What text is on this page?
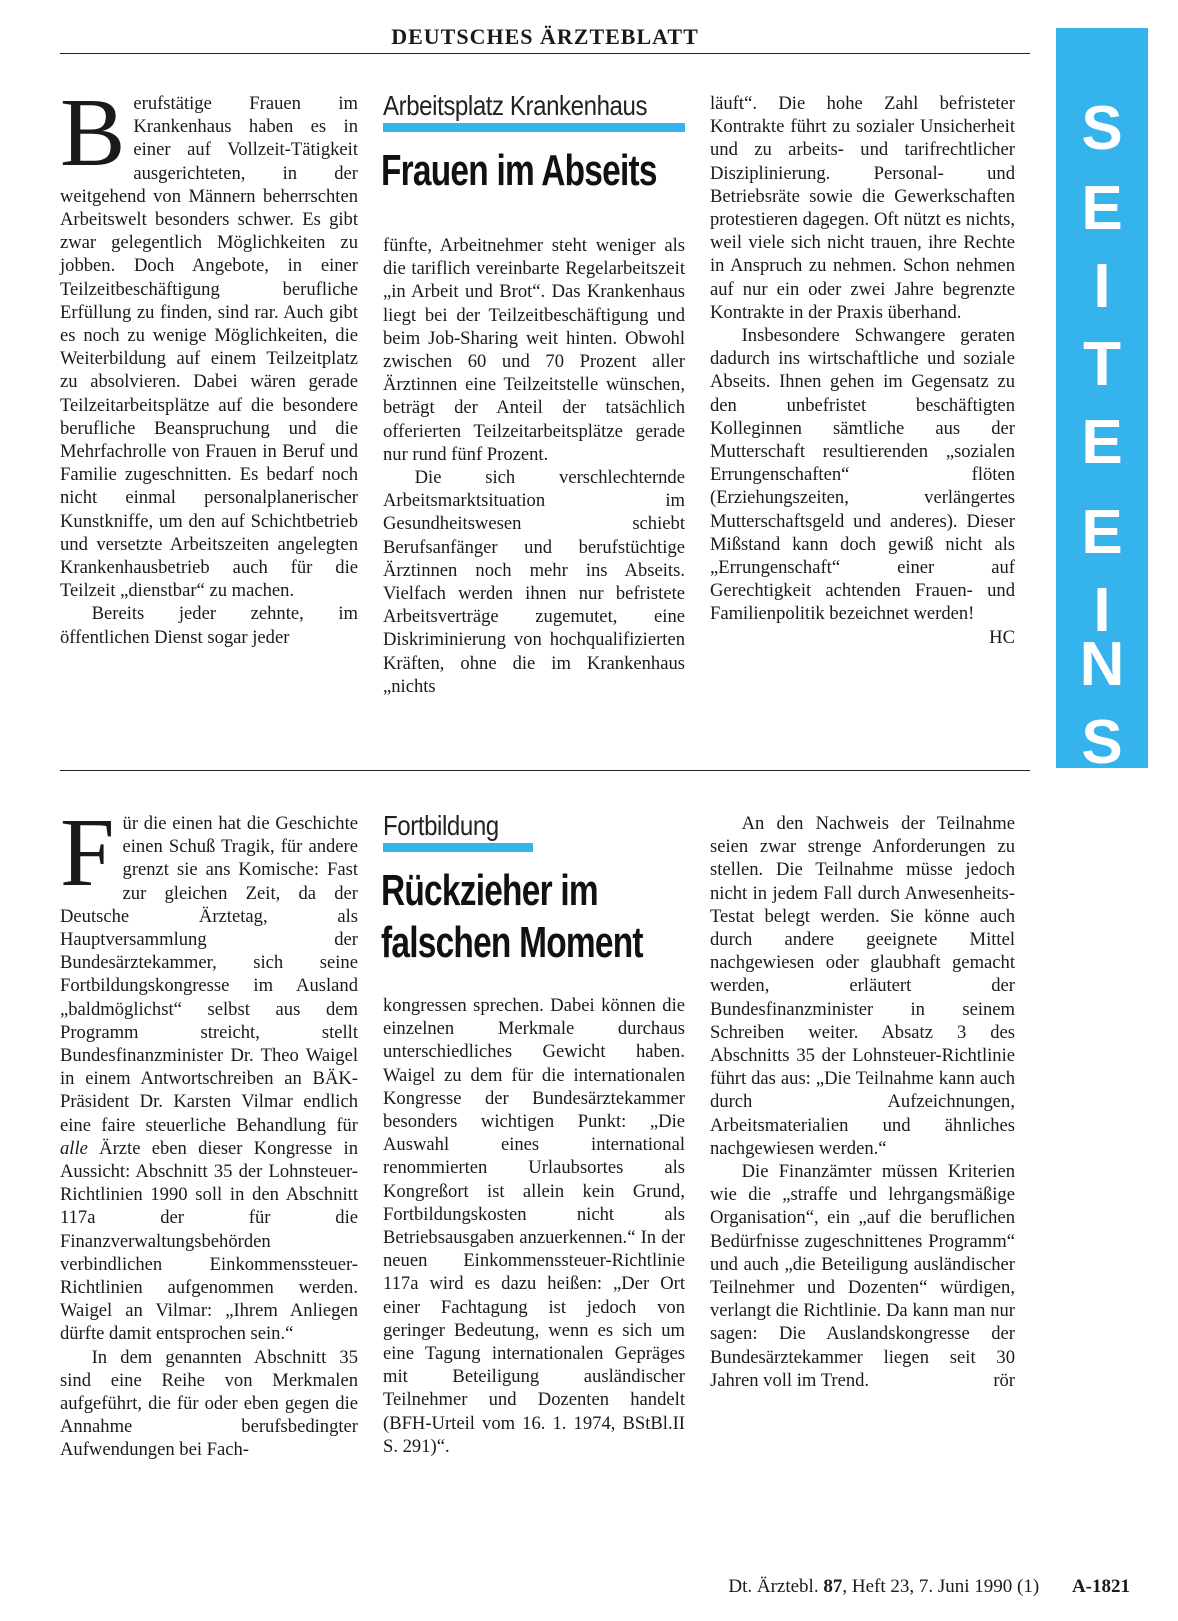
DEUTSCHES ÄRZTEBLATT
S
E
I
T
E
E
I
N
S

Berufstätige Frauen im Krankenhaus haben es in einer auf Vollzeit-Tätigkeit ausgerichteten, in der weitgehend von Männern beherrschten Arbeitswelt besonders schwer. Es gibt zwar gelegentlich Möglichkeiten zu jobben. Doch Angebote, in einer Teilzeitbeschäftigung berufliche Erfüllung zu finden, sind rar. Auch gibt es noch zu wenige Möglichkeiten, die Weiterbildung auf einem Teilzeitplatz zu absolvieren. Dabei wären gerade Teilzeitarbeitsplätze auf die besondere berufliche Beanspruchung und die Mehrfachrolle von Frauen in Beruf und Familie zugeschnitten. Es bedarf noch nicht einmal personalplanerischer Kunstkniffe, um den auf Schichtbetrieb und versetzte Arbeitszeiten angelegten Krankenhausbetrieb auch für die Teilzeit „dienstbar“ zu machen.

Bereits jeder zehnte, im öffentlichen Dienst sogar jeder

Arbeitsplatz Krankenhaus
Frauen im Abseits

fünfte, Arbeitnehmer steht weniger als die tariflich vereinbarte Regelarbeitszeit „in Arbeit und Brot“. Das Krankenhaus liegt bei der Teilzeitbeschäftigung und beim Job-Sharing weit hinten. Obwohl zwischen 60 und 70 Prozent aller Ärztinnen eine Teilzeitstelle wünschen, beträgt der Anteil der tatsächlich offerierten Teilzeitarbeitsplätze gerade nur rund fünf Prozent.

Die sich verschlechternde Arbeitsmarktsituation im Gesundheitswesen schiebt Berufsanfänger und berufstüchtige Ärztinnen noch mehr ins Abseits. Vielfach werden ihnen nur befristete Arbeitsverträge zugemutet, eine Diskriminierung von hochqualifizierten Kräften, ohne die im Krankenhaus „nichts

läuft“. Die hohe Zahl befristeter Kontrakte führt zu sozialer Unsicherheit und zu arbeits- und tarifrechtlicher Disziplinierung. Personal- und Betriebsräte sowie die Gewerkschaften protestieren dagegen. Oft nützt es nichts, weil viele sich nicht trauen, ihre Rechte in Anspruch zu nehmen. Schon nehmen auf nur ein oder zwei Jahre begrenzte Kontrakte in der Praxis überhand.

Insbesondere Schwangere geraten dadurch ins wirtschaftliche und soziale Abseits. Ihnen gehen im Gegensatz zu den unbefristet beschäftigten Kolleginnen sämtliche aus der Mutterschaft resultierenden „sozialen Errungenschaften“ flöten (Erziehungszeiten, verlängertes Mutterschaftsgeld und anderes). Dieser Mißstand kann doch gewiß nicht als „Errungenschaft“ einer auf Gerechtigkeit achtenden Frauen- und Familienpolitik bezeichnet werden!
HC

Für die einen hat die Geschichte einen Schuß Tragik, für andere grenzt sie ans Komische: Fast zur gleichen Zeit, da der Deutsche Ärztetag, als Hauptversammlung der Bundesärztekammer, sich seine Fortbildungskongresse im Ausland „baldmöglichst“ selbst aus dem Programm streicht, stellt Bundesfinanzminister Dr. Theo Waigel in einem Antwortschreiben an BÄK-Präsident Dr. Karsten Vilmar endlich eine faire steuerliche Behandlung für alle Ärzte eben dieser Kongresse in Aussicht: Abschnitt 35 der Lohnsteuer-Richtlinien 1990 soll in den Abschnitt 117a der für die Finanzverwaltungsbehörden verbindlichen Einkommenssteuer-Richtlinien aufgenommen werden. Waigel an Vilmar: „Ihrem Anliegen dürfte damit entsprochen sein.“

In dem genannten Abschnitt 35 sind eine Reihe von Merkmalen aufgeführt, die für oder eben gegen die Annahme berufsbedingter Aufwendungen bei Fach-

Fortbildung
Rückzieher im
falschen Moment

kongressen sprechen. Dabei können die einzelnen Merkmale durchaus unterschiedliches Gewicht haben. Waigel zu dem für die internationalen Kongresse der Bundesärztekammer besonders wichtigen Punkt: „Die Auswahl eines international renommierten Urlaubsortes als Kongreßort ist allein kein Grund, Fortbildungskosten nicht als Betriebsausgaben anzuerkennen.“ In der neuen Einkommenssteuer-Richtlinie 117a wird es dazu heißen: „Der Ort einer Fachtagung ist jedoch von geringer Bedeutung, wenn es sich um eine Tagung internationalen Gepräges mit Beteiligung ausländischer Teilnehmer und Dozenten handelt (BFH-Urteil vom 16. 1. 1974, BStBl.II S. 291)“.

An den Nachweis der Teilnahme seien zwar strenge Anforderungen zu stellen. Die Teilnahme müsse jedoch nicht in jedem Fall durch Anwesenheits-Testat belegt werden. Sie könne auch durch andere geeignete Mittel nachgewiesen oder glaubhaft gemacht werden, erläutert der Bundesfinanzminister in seinem Schreiben weiter. Absatz 3 des Abschnitts 35 der Lohnsteuer-Richtlinie führt das aus: „Die Teilnahme kann auch durch Aufzeichnungen, Arbeitsmaterialien und ähnliches nachgewiesen werden.“

Die Finanzämter müssen Kriterien wie die „straffe und lehrgangsmäßige Organisation“, ein „auf die beruflichen Bedürfnisse zugeschnittenes Programm“ und auch „die Beteiligung ausländischer Teilnehmer und Dozenten“ würdigen, verlangt die Richtlinie. Da kann man nur sagen: Die Auslandskongresse der Bundesärztekammer liegen seit 30 Jahren voll im Trend.	rör

Dt. Ärztebl. 87, Heft 23, 7. Juni 1990 (1) A-1821
